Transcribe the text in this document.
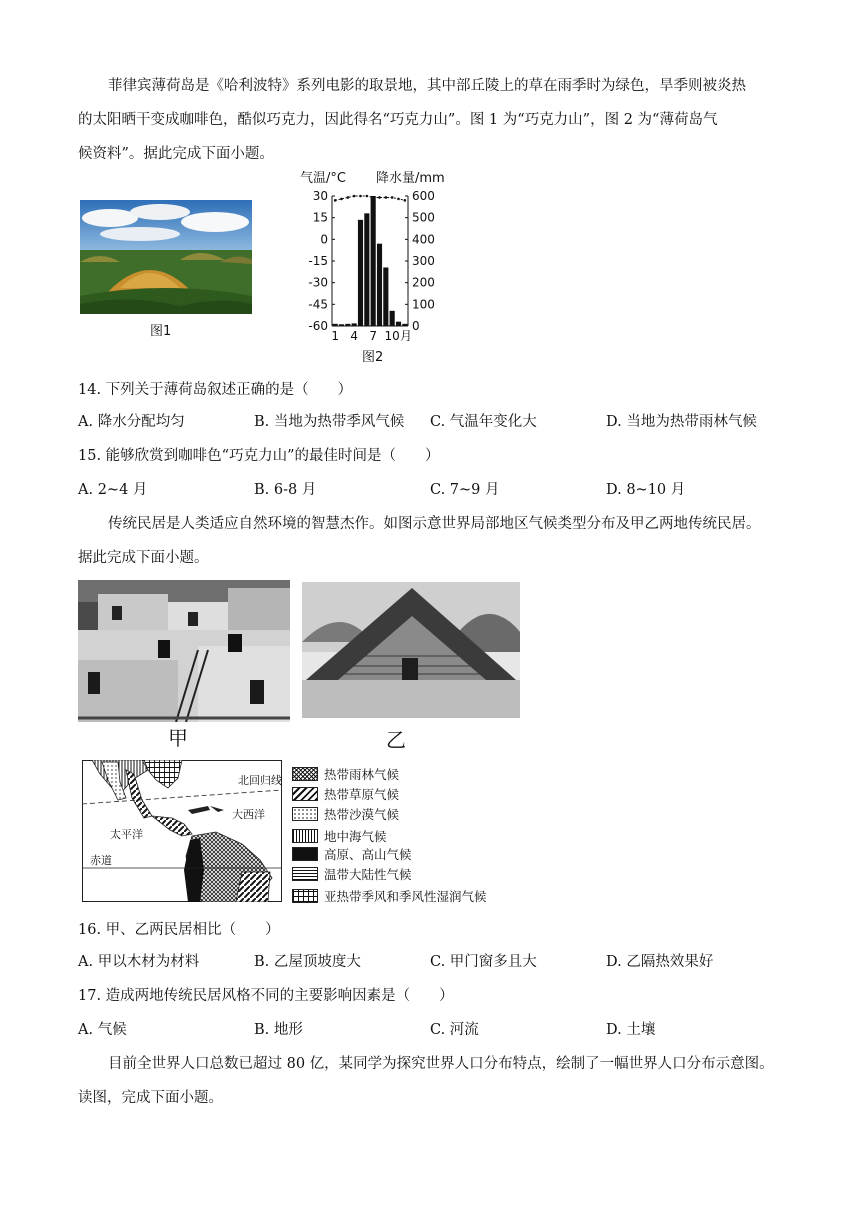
菲律宾薄荷岛是《哈利波特》系列电影的取景地，其中部丘陵上的草在雨季时为绿色，旱季则被炎热
的太阳晒干变成咖啡色，酷似巧克力，因此得名“巧克力山”。图 1 为“巧克力山”，图 2 为“薄荷岛气
候资料”。据此完成下面小题。
图1
气温/°C 降水量/mm
30
15
0
-15
-30
-45
-60
600
500
400
300
200
100
0
1 4 7 10 月
图2
14. 下列关于薄荷岛叙述正确的是（　　）
A. 降水分配均匀	B. 当地为热带季风气候 C. 气温年变化大	D. 当地为热带雨林气候
15. 能够欣赏到咖啡色“巧克力山”的最佳时间是（　　）
A. 2~4 月	B. 6-8 月	C. 7~9 月	D. 8~10 月
传统民居是人类适应自然环境的智慧杰作。如图示意世界局部地区气候类型分布及甲乙两地传统民居。
据此完成下面小题。
甲	乙
北回归线
大西洋
太平洋
赤道
热带雨林气候
热带草原气候
热带沙漠气候
地中海气候
高原、高山气候
温带大陆性气候
亚热带季风和季风性湿润气候
16. 甲、乙两民居相比（　　）
A. 甲以木材为材料	B. 乙屋顶坡度大	C. 甲门窗多且大	D. 乙隔热效果好
17. 造成两地传统民居风格不同的主要影响因素是（　　）
A. 气候	B. 地形	C. 河流	D. 土壤
目前全世界人口总数已超过 80 亿，某同学为探究世界人口分布特点，绘制了一幅世界人口分布示意图。
读图，完成下面小题。
